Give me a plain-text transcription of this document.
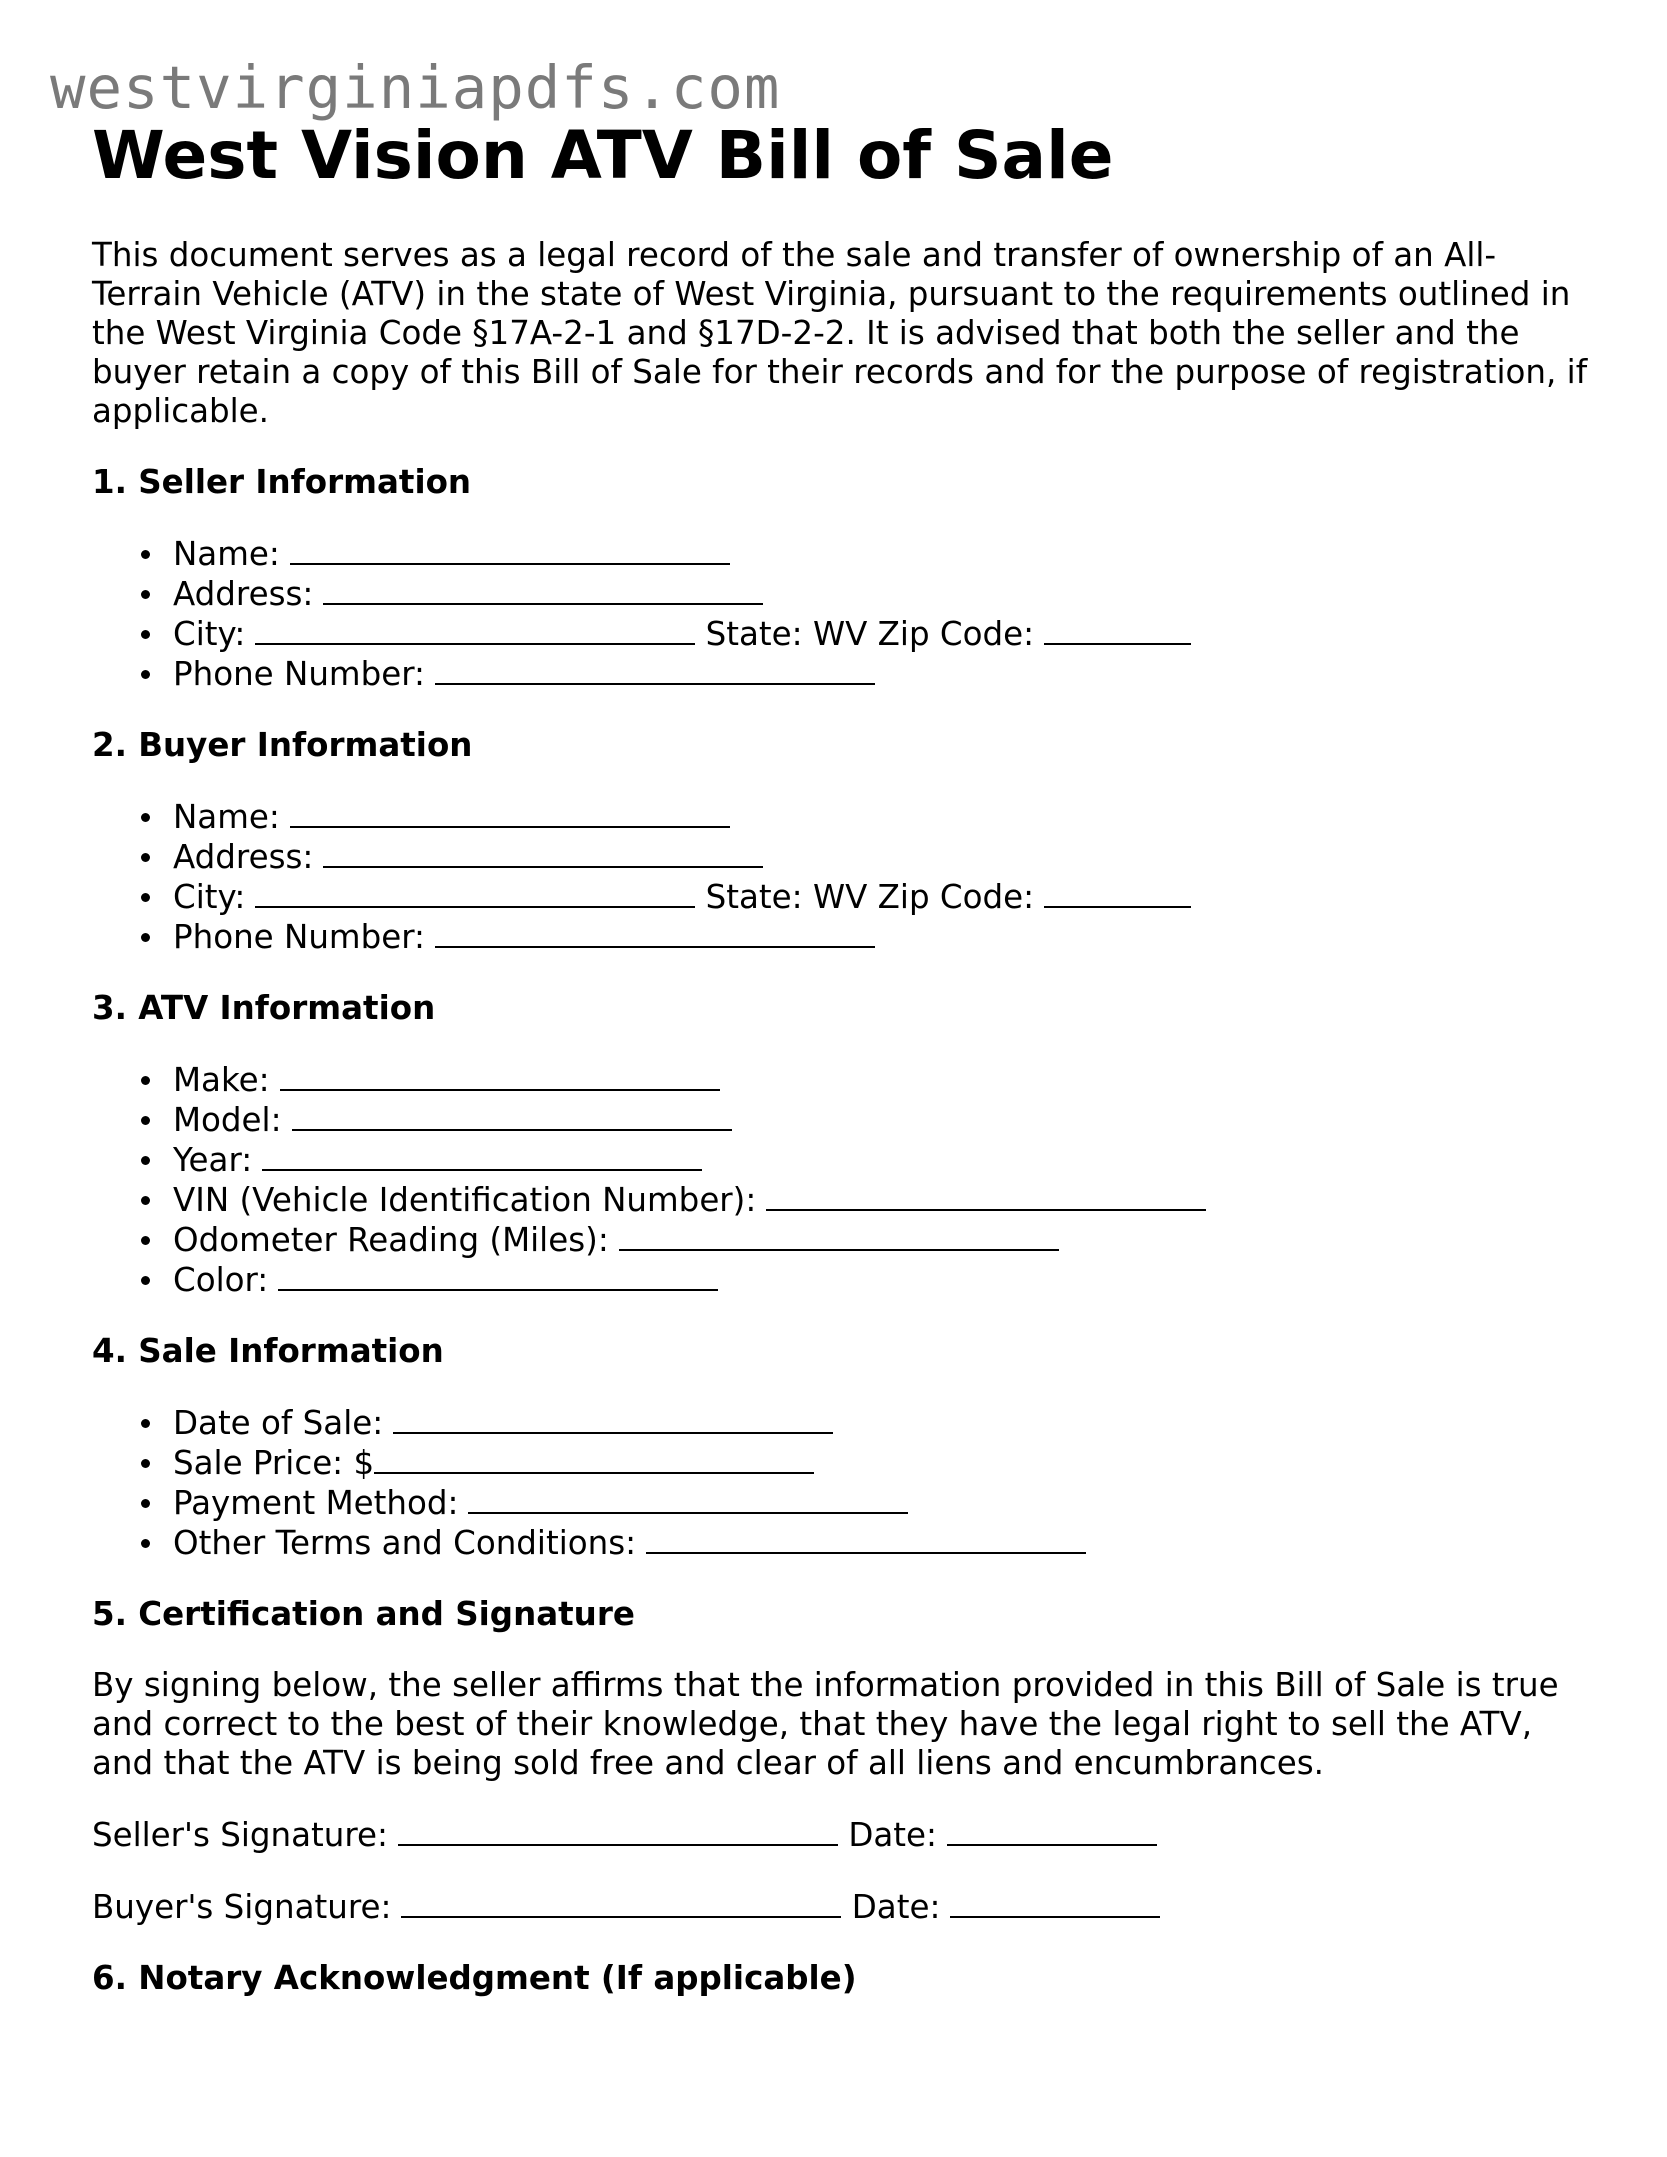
westvirginiapdfs.com
West Vision ATV Bill of Sale

This document serves as a legal record of the sale and transfer of ownership of an All-Terrain Vehicle (ATV) in the state of West Virginia, pursuant to the requirements outlined in the West Virginia Code §17A-2-1 and §17D-2-2. It is advised that both the seller and the buyer retain a copy of this Bill of Sale for their records and for the purpose of registration, if applicable.

1. Seller Information
Name:
Address:
City:	State: WV Zip Code:
Phone Number:
2. Buyer Information
Name:
Address:
City:	State: WV Zip Code:
Phone Number:
3. ATV Information
Make:
Model:
Year:
VIN (Vehicle Identification Number):
Odometer Reading (Miles):
Color:
4. Sale Information
Date of Sale:
Sale Price: $
Payment Method:
Other Terms and Conditions:
5. Certification and Signature

By signing below, the seller affirms that the information provided in this Bill of Sale is true and correct to the best of their knowledge, that they have the legal right to sell the ATV, and that the ATV is being sold free and clear of all liens and encumbrances.

Seller's Signature:	Date:

Buyer's Signature:	Date:

6. Notary Acknowledgment (If applicable)
